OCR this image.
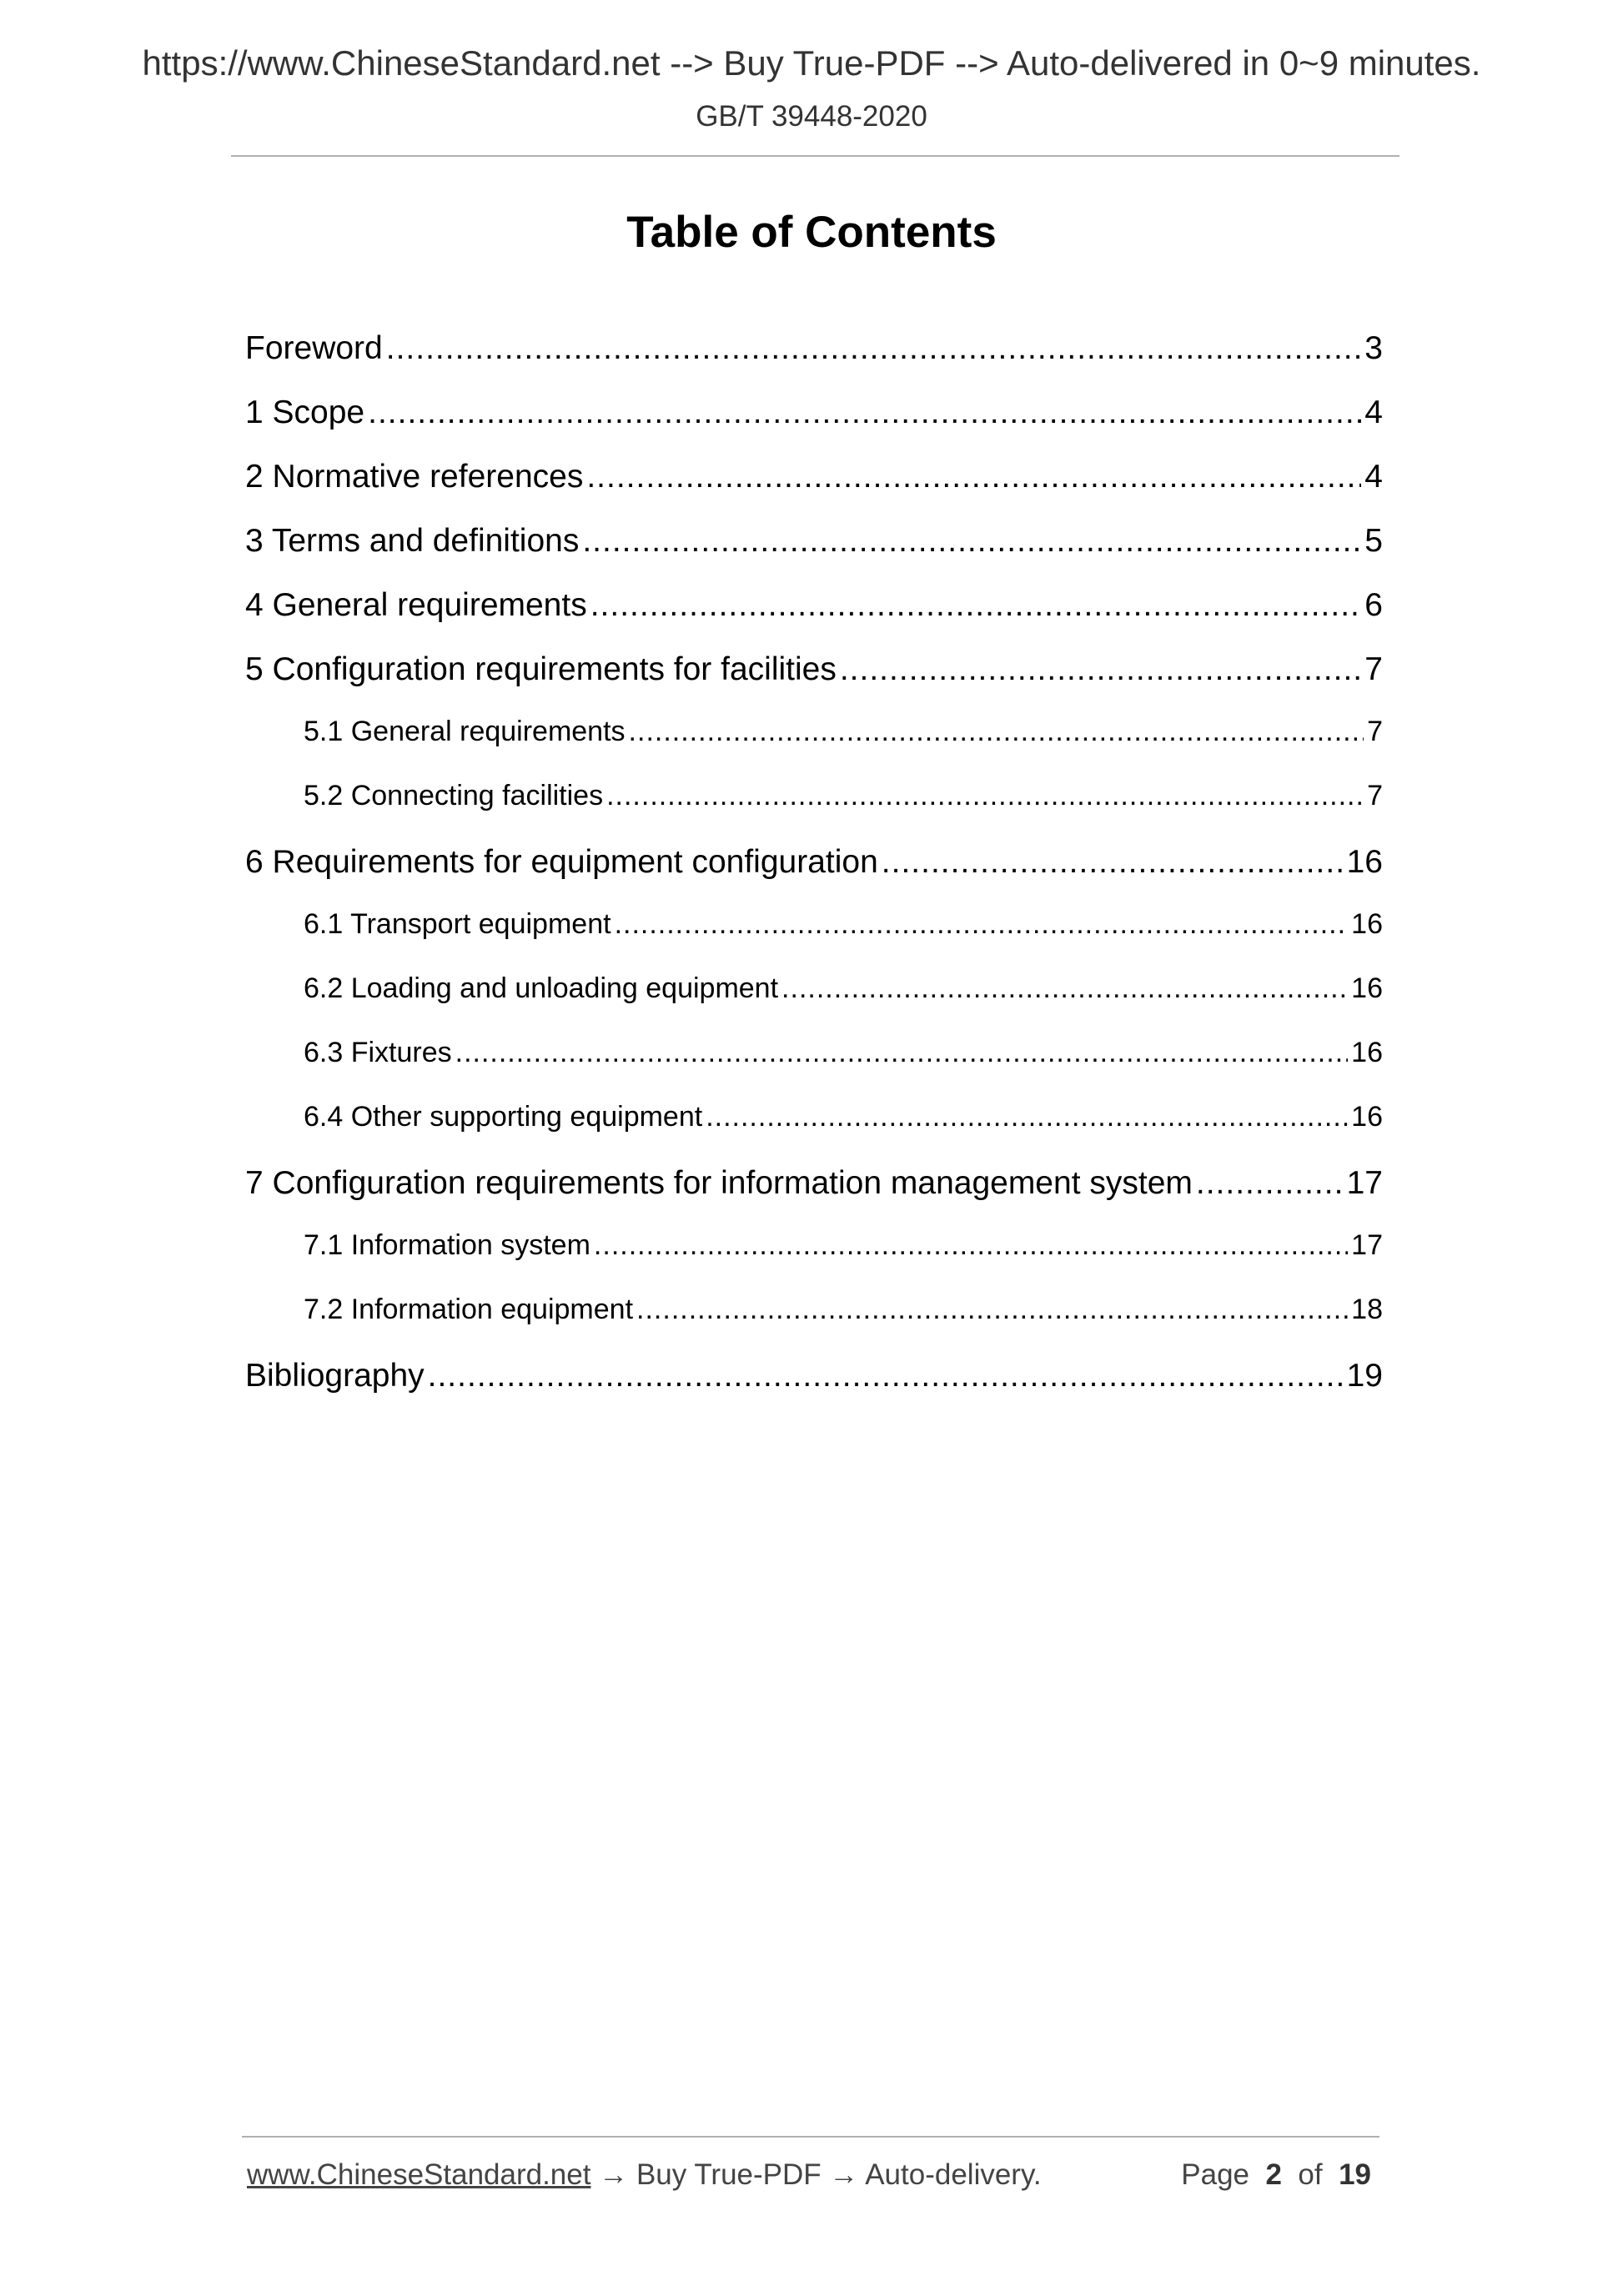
https://www.ChineseStandard.net --> Buy True-PDF --> Auto-delivered in 0~9 minutes.
GB/T 39448-2020
Table of Contents
Foreword .....	3
1 Scope .....	4
2 Normative references .....	4
3 Terms and definitions .....	5
4 General requirements .....	6
5 Configuration requirements for facilities .....	7
5.1 General requirements .....	7
5.2 Connecting facilities .....	7
6 Requirements for equipment configuration .....	16
6.1 Transport equipment .....	16
6.2 Loading and unloading equipment .....	16
6.3 Fixtures .....	16
6.4 Other supporting equipment .....	16
7 Configuration requirements for information management system .....	17
7.1 Information system .....	17
7.2 Information equipment .....	18
Bibliography .....	19
www.ChineseStandard.net → Buy True-PDF → Auto-delivery.	Page 2 of 19
